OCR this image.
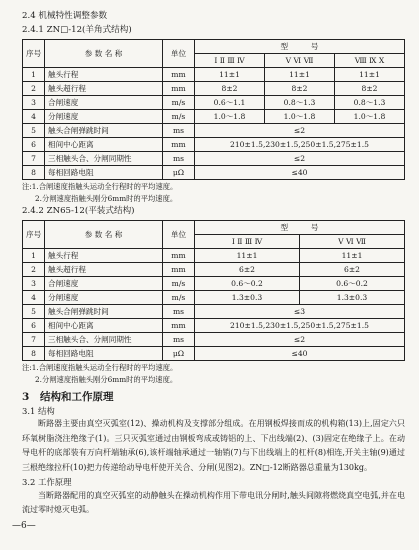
2.4 机械特性调整参数

2.4.1 ZN□-12(羊角式结构)

序号	参 数 名 称	单位	型　　　号		
			Ⅰ Ⅱ Ⅲ Ⅳ	Ⅴ Ⅵ Ⅶ	Ⅷ Ⅸ Ⅹ
1	触头行程	mm	11±1	11±1	11±1
2	触头超行程	mm	8±2	8±2	8±2
3	合闸速度	m/s	0.6～1.1	0.8～1.3	0.8～1.3
4	分闸速度	m/s	1.0～1.8	1.0～1.8	1.0～1.8
5	触头合闸弹跳时间	ms	≤2		
6	相间中心距离	mm	210±1.5,230±1.5,250±1.5,275±1.5		
7	三相触头合、分闸同期性	ms	≤2		
8	每相回路电阻	μΩ	≤40		

注:1.合闸速度指触头运动全行程时的平均速度。

2.分闸速度指触头刚分6mm时的平均速度。

2.4.2 ZN65-12(平装式结构)

序号	参 数 名 称	单位	型　　　号	
			Ⅰ Ⅱ Ⅲ Ⅳ	Ⅴ Ⅵ Ⅶ
1	触头行程	mm	11±1	11±1
2	触头超行程	mm	6±2	6±2
3	合闸速度	m/s	0.6～0.2	0.6～0.2
4	分闸速度	m/s	1.3±0.3	1.3±0.3
5	触头合闸弹跳时间	ms	≤3	
6	相间中心距离	mm	210±1.5,230±1.5,250±1.5,275±1.5	
7	三相触头合、分闸同期性	ms	≤2	
8	每相回路电阻	μΩ	≤40	

注:1.合闸速度指触头运动全行程时的平均速度。

2.分闸速度指触头刚分6mm时的平均速度。

3 结构和工作原理

3.1 结构

断路器主要由真空灭弧室(12)、操动机构及支撑部分组成。在用钢板焊接而成的机构箱(13)上,固定六只环氧树脂浇注绝缘子(1)。三只灭弧室通过由钢板弯成或铸铝的上、下出线端(2)、(3)固定在绝缘子上。在动导电杆的底部装有万向杆端轴承(6),该杆端轴承通过一轴销(7)与下出线端上的杠杆(8)相连,开关主轴(9)通过三根绝缘拉杆(10)把力传递给动导电杆使开关合、分闸(见图2)。ZN□-12断路器总重量为130kg。

3.2 工作原理

当断路器配用的真空灭弧室的动静触头在操动机构作用下带电讯分闸时,触头间隙将燃烧真空电弧,并在电流过零时熄灭电弧。

—6—
